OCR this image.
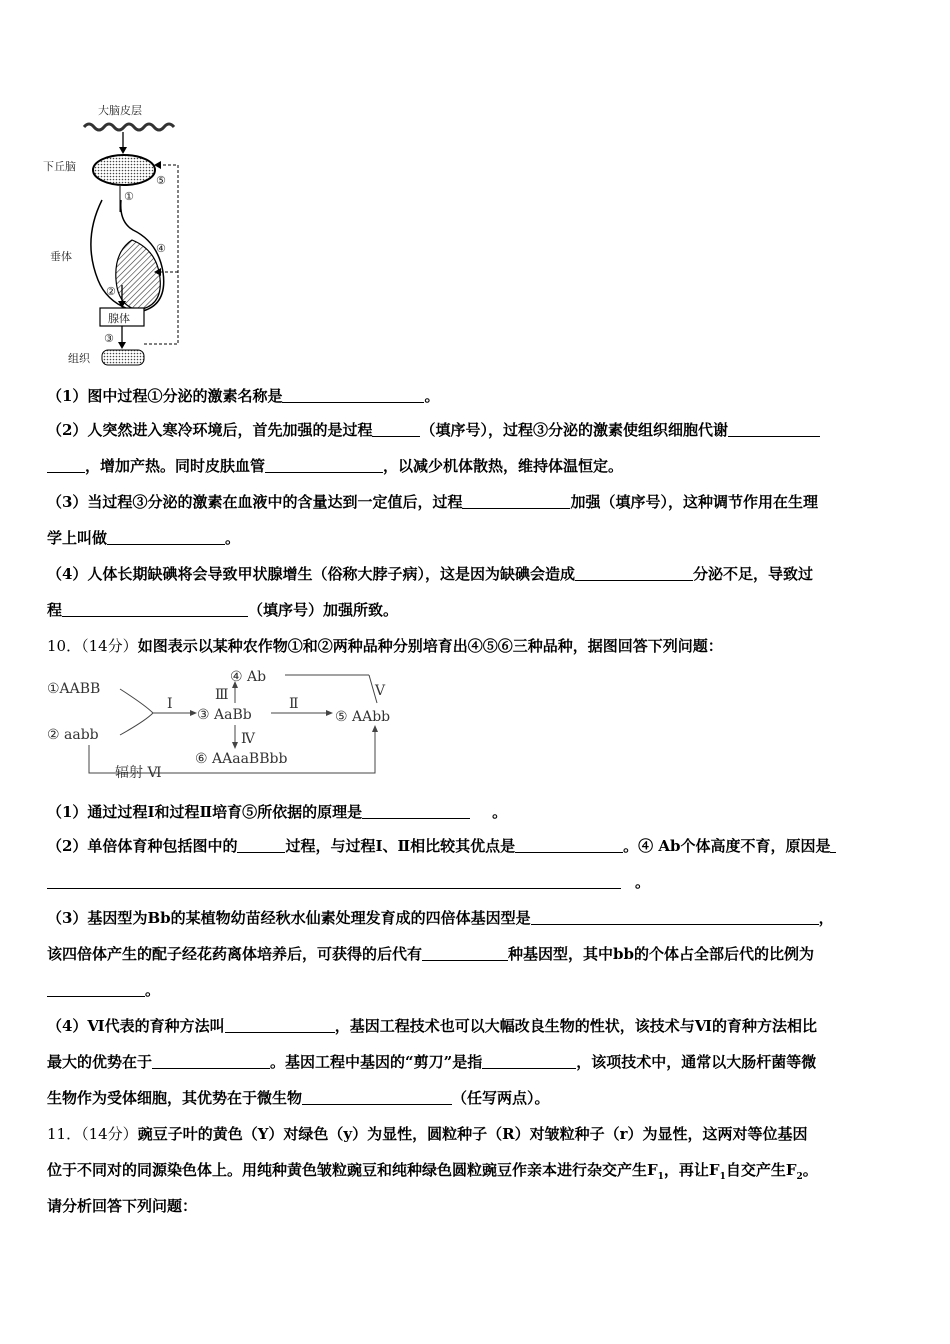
大脑皮层
下丘脑
①
垂体
②
腺体
③
组织
⑤
④
（1）图中过程①分泌的激素名称是	。
（2）人突然进入寒冷环境后，首先加强的是过程	（填序号），过程③分泌的激素使组织细胞代谢
，增加产热。同时皮肤血管	，以减少机体散热，维持体温恒定。
（3）当过程③分泌的激素在血液中的含量达到一定值后，过程	加强（填序号），这种调节作用在生理
学上叫做	。
（4）人体长期缺碘将会导致甲状腺增生（俗称大脖子病），这是因为缺碘会造成	分泌不足，导致过
程	（填序号）加强所致。
10．（14分）如图表示以某种农作物①和②两种品种分别培育出④⑤⑥三种品种，据图回答下列问题：
①AABB
② aabb
Ⅰ
③ AaBb
Ⅲ
④ Ab
Ⅴ
Ⅱ
⑤ AAbb
Ⅳ
⑥ AAaaBBbb
辐射 Ⅵ
（1）通过过程Ⅰ和过程Ⅱ培育⑤所依据的原理是	。
（2）单倍体育种包括图中的	过程，与过程Ⅰ、Ⅱ相比较其优点是	。④ Ab个体高度不育，原因是
。
（3）基因型为Bb的某植物幼苗经秋水仙素处理发育成的四倍体基因型是	，
该四倍体产生的配子经花药离体培养后，可获得的后代有	种基因型，其中bb的个体占全部后代的比例为
。
（4）Ⅵ代表的育种方法叫	，基因工程技术也可以大幅改良生物的性状，该技术与Ⅵ的育种方法相比
最大的优势在于	。基因工程中基因的“剪刀”是指	，该项技术中，通常以大肠杆菌等微
生物作为受体细胞，其优势在于微生物	（任写两点）。
11．（14分）豌豆子叶的黄色（Y）对绿色（y）为显性，圆粒种子（R）对皱粒种子（r）为显性，这两对等位基因
位于不同对的同源染色体上。用纯种黄色皱粒豌豆和纯种绿色圆粒豌豆作亲本进行杂交产生$F_1$，再让$F_1$自交产生$F_2$。
请分析回答下列问题：
